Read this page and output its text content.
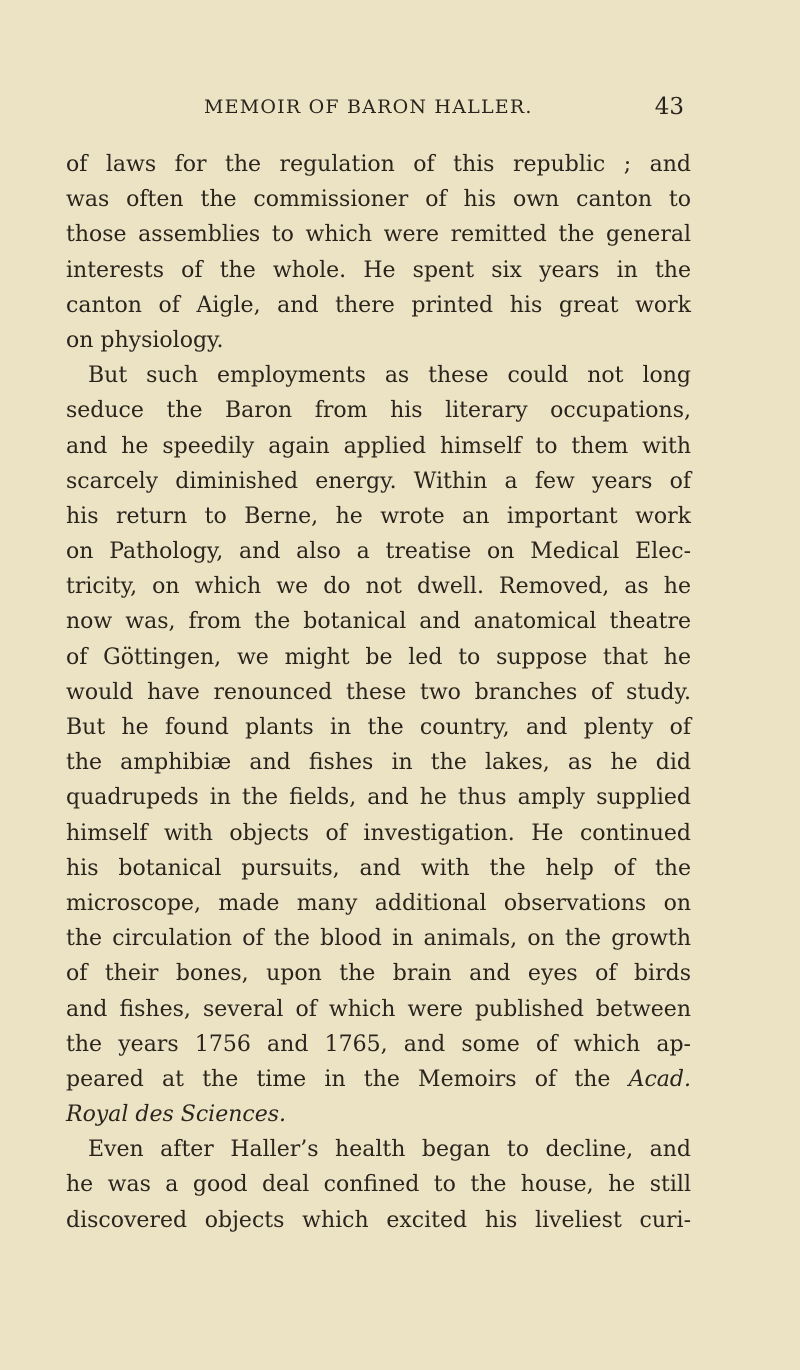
MEMOIR OF BARON HALLER.	43
of laws for the regulation of this republic ; and
was often the commissioner of his own canton to
those assemblies to which were remitted the general
interests of the whole. He spent six years in the
canton of Aigle, and there printed his great work
on physiology.
But such employments as these could not long
seduce the Baron from his literary occupations,
and he speedily again applied himself to them with
scarcely diminished energy. Within a few years of
his return to Berne, he wrote an important work
on Pathology, and also a treatise on Medical Elec-
tricity, on which we do not dwell. Removed, as he
now was, from the botanical and anatomical theatre
of Göttingen, we might be led to suppose that he
would have renounced these two branches of study.
But he found plants in the country, and plenty of
the amphibiæ and fishes in the lakes, as he did
quadrupeds in the fields, and he thus amply supplied
himself with objects of investigation. He continued
his botanical pursuits, and with the help of the
microscope, made many additional observations on
the circulation of the blood in animals, on the growth
of their bones, upon the brain and eyes of birds
and fishes, several of which were published between
the years 1756 and 1765, and some of which ap-
peared at the time in the Memoirs of the Acad.
Royal des Sciences.
Even after Haller’s health began to decline, and
he was a good deal confined to the house, he still
discovered objects which excited his liveliest curi-
